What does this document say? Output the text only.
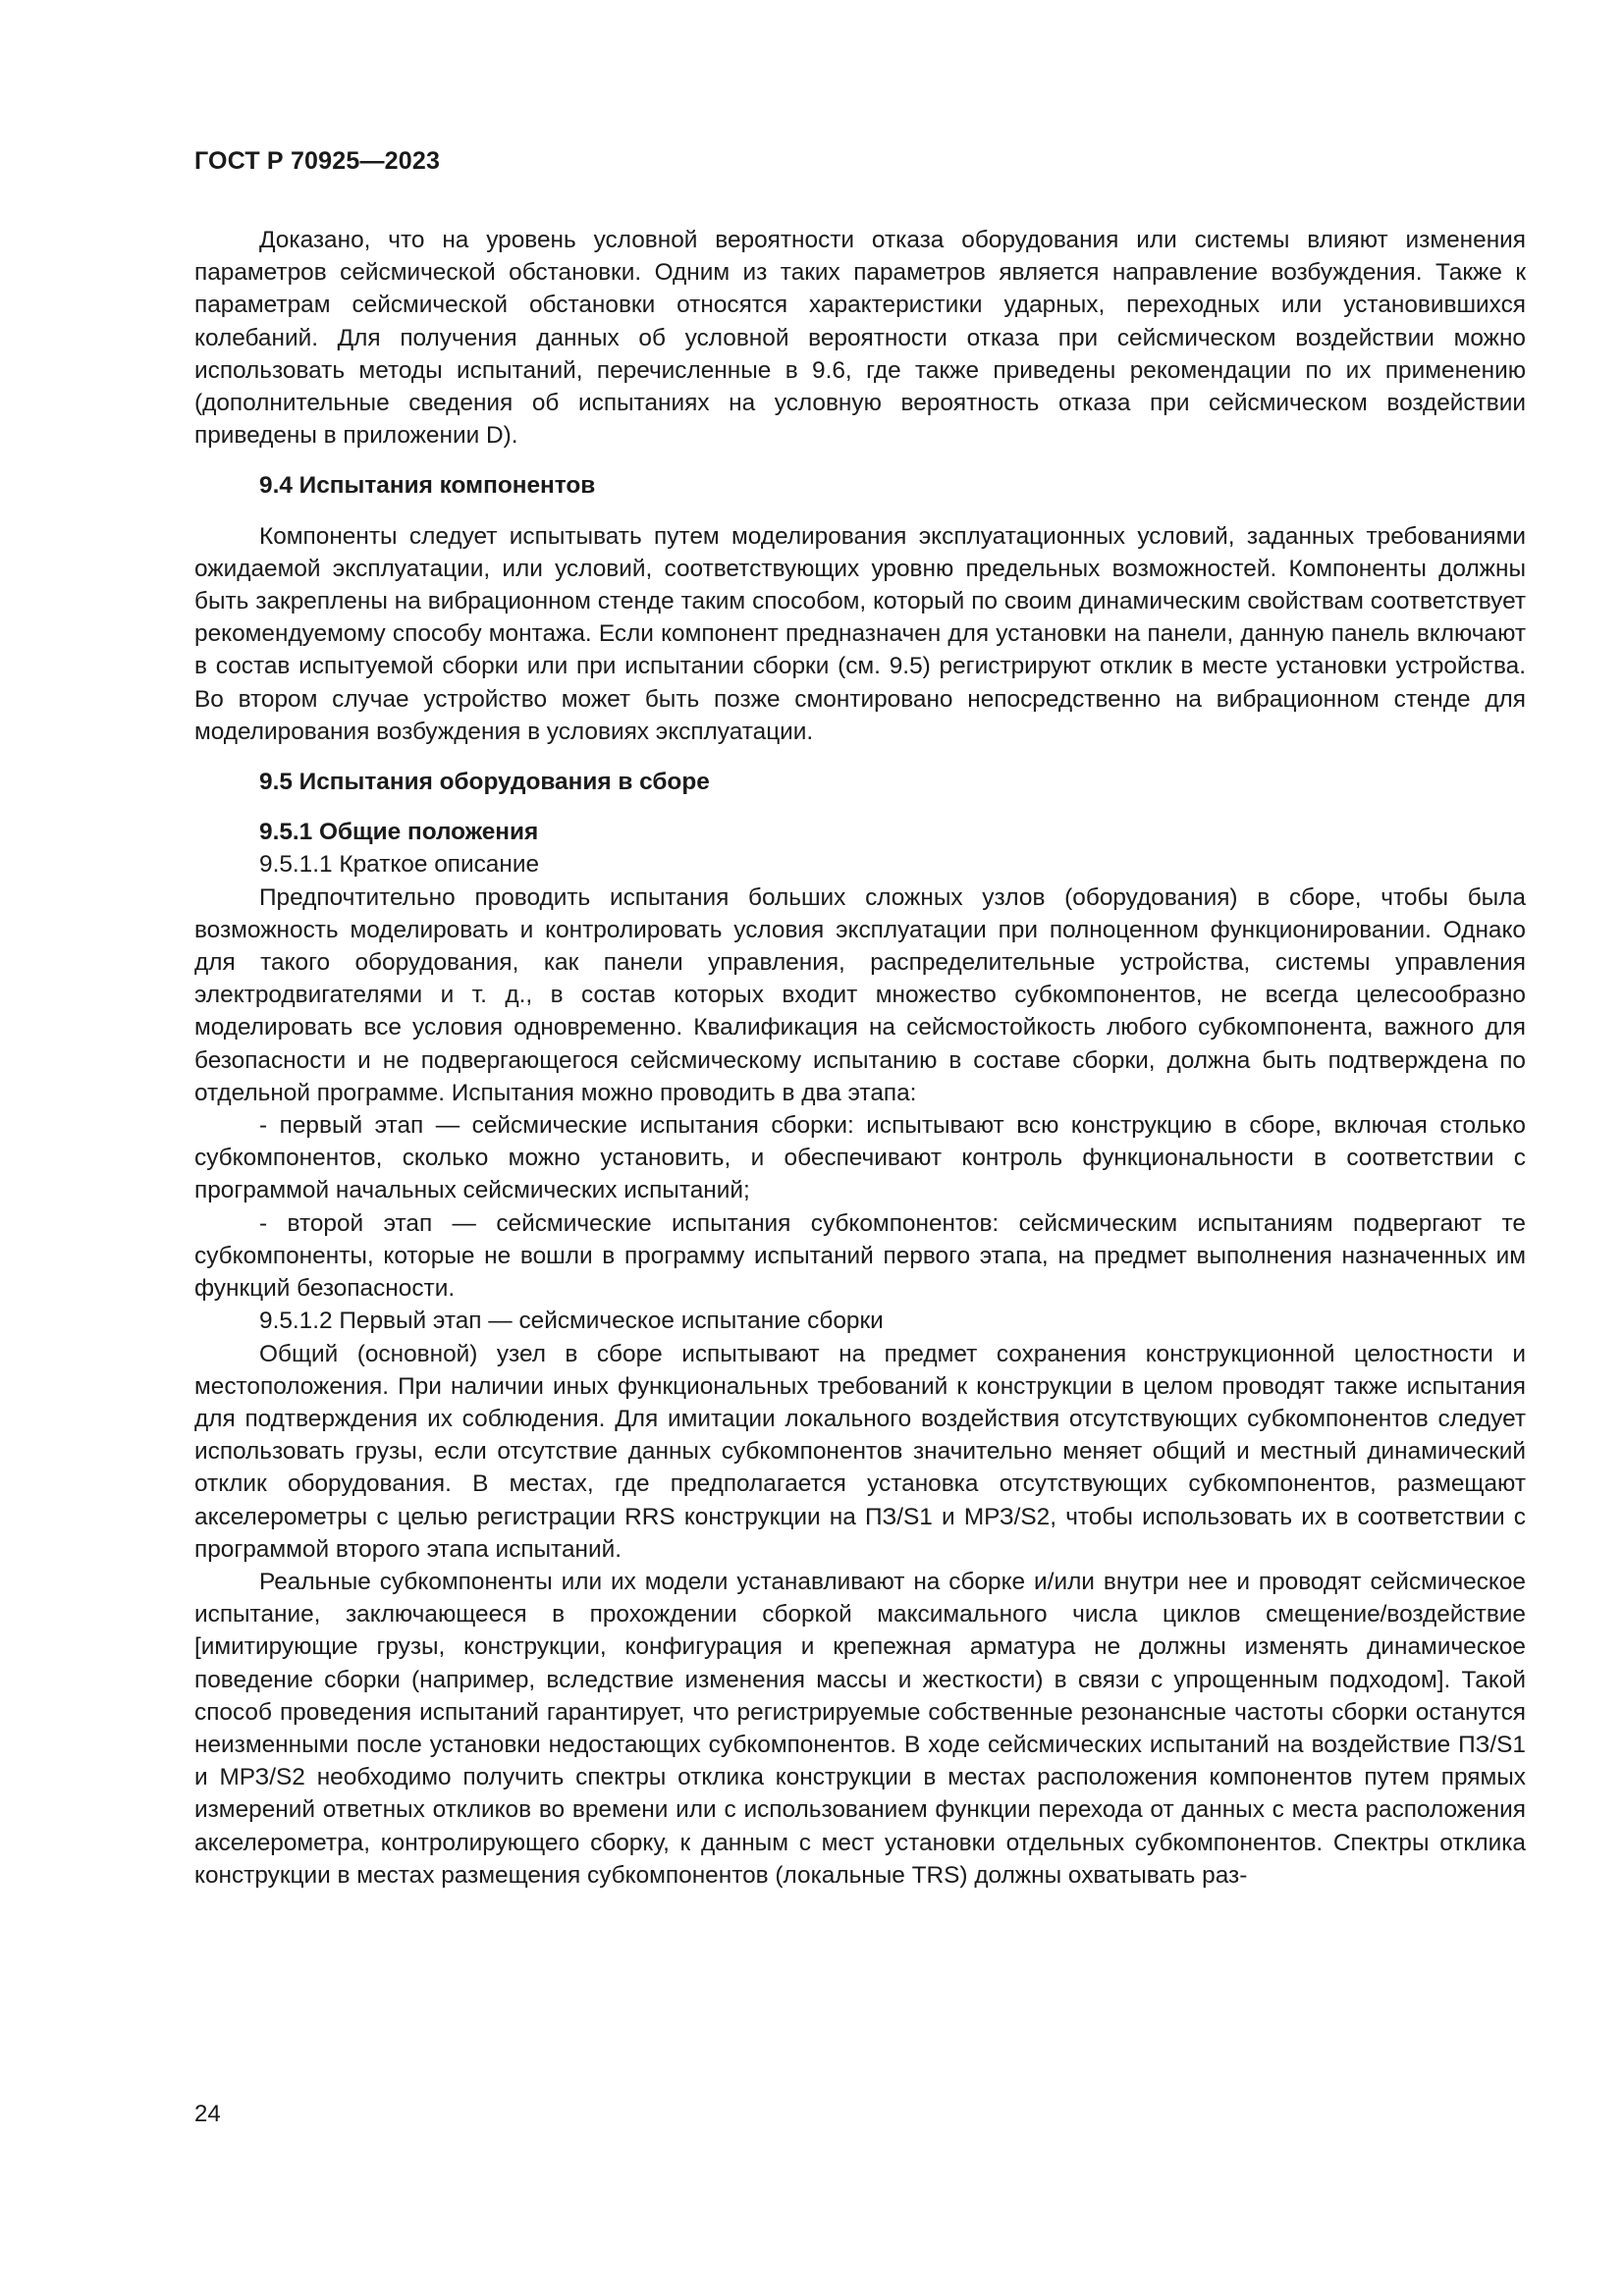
ГОСТ Р 70925—2023

Доказано, что на уровень условной вероятности отказа оборудования или системы влияют изменения параметров сейсмической обстановки. Одним из таких параметров является направление возбуждения. Также к параметрам сейсмической обстановки относятся характеристики ударных, переходных или установившихся колебаний. Для получения данных об условной вероятности отказа при сейсмическом воздействии можно использовать методы испытаний, перечисленные в 9.6, где также приведены рекомендации по их применению (дополнительные сведения об испытаниях на условную вероятность отказа при сейсмическом воздействии приведены в приложении D).

9.4 Испытания компонентов

Компоненты следует испытывать путем моделирования эксплуатационных условий, заданных требованиями ожидаемой эксплуатации, или условий, соответствующих уровню предельных возможностей. Компоненты должны быть закреплены на вибрационном стенде таким способом, который по своим динамическим свойствам соответствует рекомендуемому способу монтажа. Если компонент предназначен для установки на панели, данную панель включают в состав испытуемой сборки или при испытании сборки (см. 9.5) регистрируют отклик в месте установки устройства. Во втором случае устройство может быть позже смонтировано непосредственно на вибрационном стенде для моделирования возбуждения в условиях эксплуатации.

9.5 Испытания оборудования в сборе

9.5.1 Общие положения

9.5.1.1 Краткое описание

Предпочтительно проводить испытания больших сложных узлов (оборудования) в сборе, чтобы была возможность моделировать и контролировать условия эксплуатации при полноценном функционировании. Однако для такого оборудования, как панели управления, распределительные устройства, системы управления электродвигателями и т. д., в состав которых входит множество субкомпонентов, не всегда целесообразно моделировать все условия одновременно. Квалификация на сейсмостойкость любого субкомпонента, важного для безопасности и не подвергающегося сейсмическому испытанию в составе сборки, должна быть подтверждена по отдельной программе. Испытания можно проводить в два этапа:

- первый этап — сейсмические испытания сборки: испытывают всю конструкцию в сборе, включая столько субкомпонентов, сколько можно установить, и обеспечивают контроль функциональности в соответствии с программой начальных сейсмических испытаний;

- второй этап — сейсмические испытания субкомпонентов: сейсмическим испытаниям подвергают те субкомпоненты, которые не вошли в программу испытаний первого этапа, на предмет выполнения назначенных им функций безопасности.

9.5.1.2 Первый этап — сейсмическое испытание сборки

Общий (основной) узел в сборе испытывают на предмет сохранения конструкционной целостности и местоположения. При наличии иных функциональных требований к конструкции в целом проводят также испытания для подтверждения их соблюдения. Для имитации локального воздействия отсутствующих субкомпонентов следует использовать грузы, если отсутствие данных субкомпонентов значительно меняет общий и местный динамический отклик оборудования. В местах, где предполагается установка отсутствующих субкомпонентов, размещают акселерометры с целью регистрации RRS конструкции на ПЗ/S1 и МРЗ/S2, чтобы использовать их в соответствии с программой второго этапа испытаний.

Реальные субкомпоненты или их модели устанавливают на сборке и/или внутри нее и проводят сейсмическое испытание, заключающееся в прохождении сборкой максимального числа циклов смещение/воздействие [имитирующие грузы, конструкции, конфигурация и крепежная арматура не должны изменять динамическое поведение сборки (например, вследствие изменения массы и жесткости) в связи с упрощенным подходом]. Такой способ проведения испытаний гарантирует, что регистрируемые собственные резонансные частоты сборки останутся неизменными после установки недостающих субкомпонентов. В ходе сейсмических испытаний на воздействие ПЗ/S1 и МРЗ/S2 необходимо получить спектры отклика конструкции в местах расположения компонентов путем прямых измерений ответных откликов во времени или с использованием функции перехода от данных с места расположения акселерометра, контролирующего сборку, к данным с мест установки отдельных субкомпонентов. Спектры отклика конструкции в местах размещения субкомпонентов (локальные TRS) должны охватывать раз-

24
